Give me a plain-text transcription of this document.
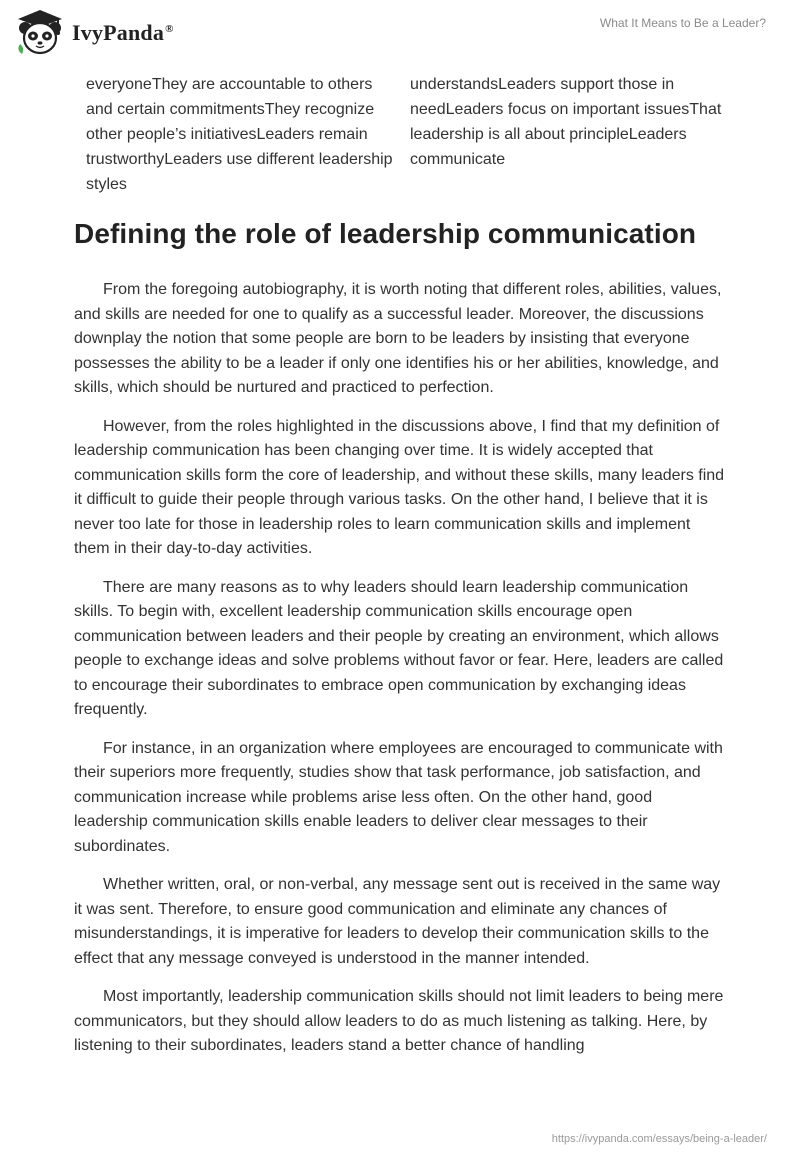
IvyPanda®	What It Means to Be a Leader?
everyoneThey are accountable to others and certain commitmentsThey recognize other people’s initiativesLeaders remain trustworthyLeaders use different leadership styles
understandsLeaders support those in needLeaders focus on important issuesThat leadership is all about principleLeaders communicate
Defining the role of leadership communication

From the foregoing autobiography, it is worth noting that different roles, abilities, values, and skills are needed for one to qualify as a successful leader. Moreover, the discussions downplay the notion that some people are born to be leaders by insisting that everyone possesses the ability to be a leader if only one identifies his or her abilities, knowledge, and skills, which should be nurtured and practiced to perfection.

However, from the roles highlighted in the discussions above, I find that my definition of leadership communication has been changing over time. It is widely accepted that communication skills form the core of leadership, and without these skills, many leaders find it difficult to guide their people through various tasks. On the other hand, I believe that it is never too late for those in leadership roles to learn communication skills and implement them in their day-to-day activities.

There are many reasons as to why leaders should learn leadership communication skills. To begin with, excellent leadership communication skills encourage open communication between leaders and their people by creating an environment, which allows people to exchange ideas and solve problems without favor or fear. Here, leaders are called to encourage their subordinates to embrace open communication by exchanging ideas frequently.

For instance, in an organization where employees are encouraged to communicate with their superiors more frequently, studies show that task performance, job satisfaction, and communication increase while problems arise less often. On the other hand, good leadership communication skills enable leaders to deliver clear messages to their subordinates.

Whether written, oral, or non-verbal, any message sent out is received in the same way it was sent. Therefore, to ensure good communication and eliminate any chances of misunderstandings, it is imperative for leaders to develop their communication skills to the effect that any message conveyed is understood in the manner intended.

Most importantly, leadership communication skills should not limit leaders to being mere communicators, but they should allow leaders to do as much listening as talking. Here, by listening to their subordinates, leaders stand a better chance of handling

https://ivypanda.com/essays/being-a-leader/
